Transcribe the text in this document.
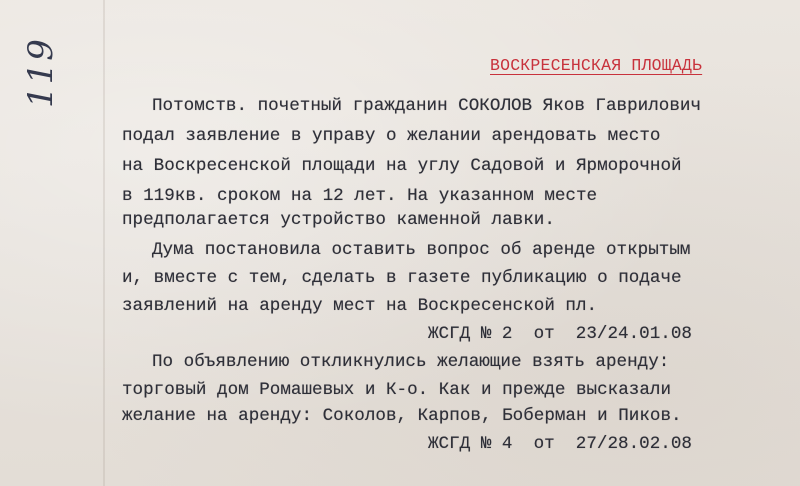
119	ВОСКРЕСЕНСКАЯ ПЛОЩАДЬ
Потомств. почетный гражданин СОКОЛОВ Яков Гаврилович
подал заявление в управу о желании арендовать место
на Воскресенской площади на углу Садовой и Ярморочной
в 119кв. сроком на 12 лет. На указанном месте
предполагается устройство каменной лавки.
Дума постановила оставить вопрос об аренде открытым
и, вместе с тем, сделать в газете публикацию о подаче
заявлений на аренду мест на Воскресенской пл.
ЖСГД № 2  от  23/24.01.08
По объявлению откликнулись желающие взять аренду:
торговый дом Ромашевых и К-о. Как и прежде высказали
желание на аренду: Соколов, Карпов, Боберман и Пиков.
ЖСГД № 4  от  27/28.02.08
